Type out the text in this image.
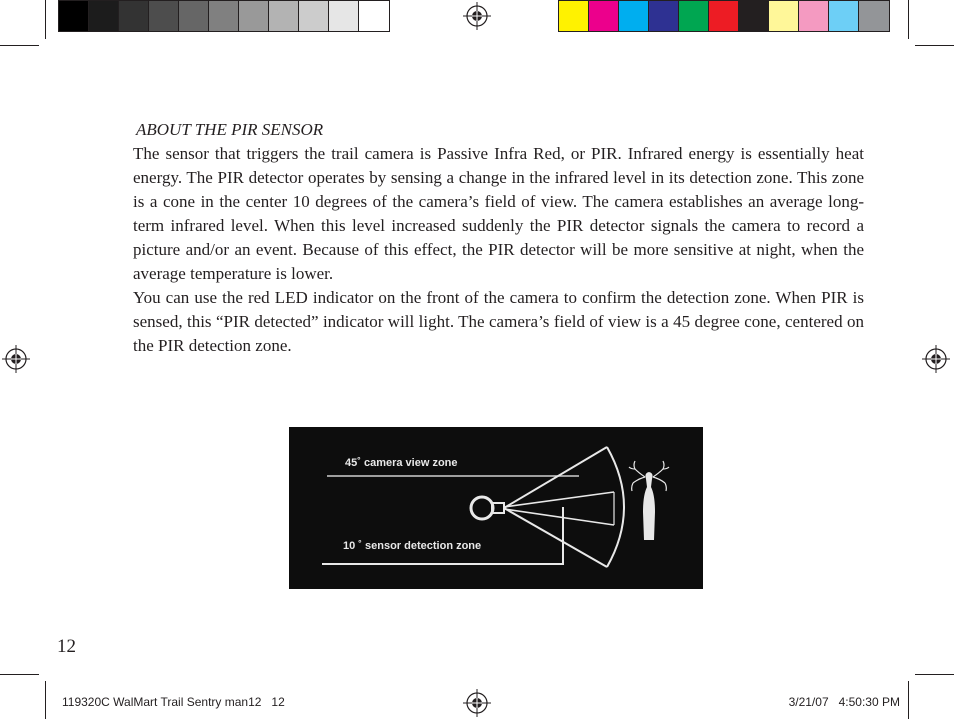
ABOUT THE PIR SENSOR

The sensor that triggers the trail camera is Passive Infra Red, or PIR. Infrared energy is essentially heat energy. The PIR detector operates by sensing a change in the infrared level in its detection zone. This zone is a cone in the center 10 degrees of the camera’s field of view. The camera establishes an average long-term infrared level. When this level increased suddenly the PIR detector signals the camera to record a picture and/or an event. Because of this effect, the PIR detector will be more sensitive at night, when the average temperature is lower.

You can use the red LED indicator on the front of the camera to confirm the detection zone. When PIR is sensed, this “PIR detected” indicator will light. The camera’s field of view is a 45 degree cone, centered on the PIR detection zone.

45˚ camera view zone
10 ˚ sensor detection zone
12
119320C WalMart Trail Sentry man12   12	3/21/07   4:50:30 PM
